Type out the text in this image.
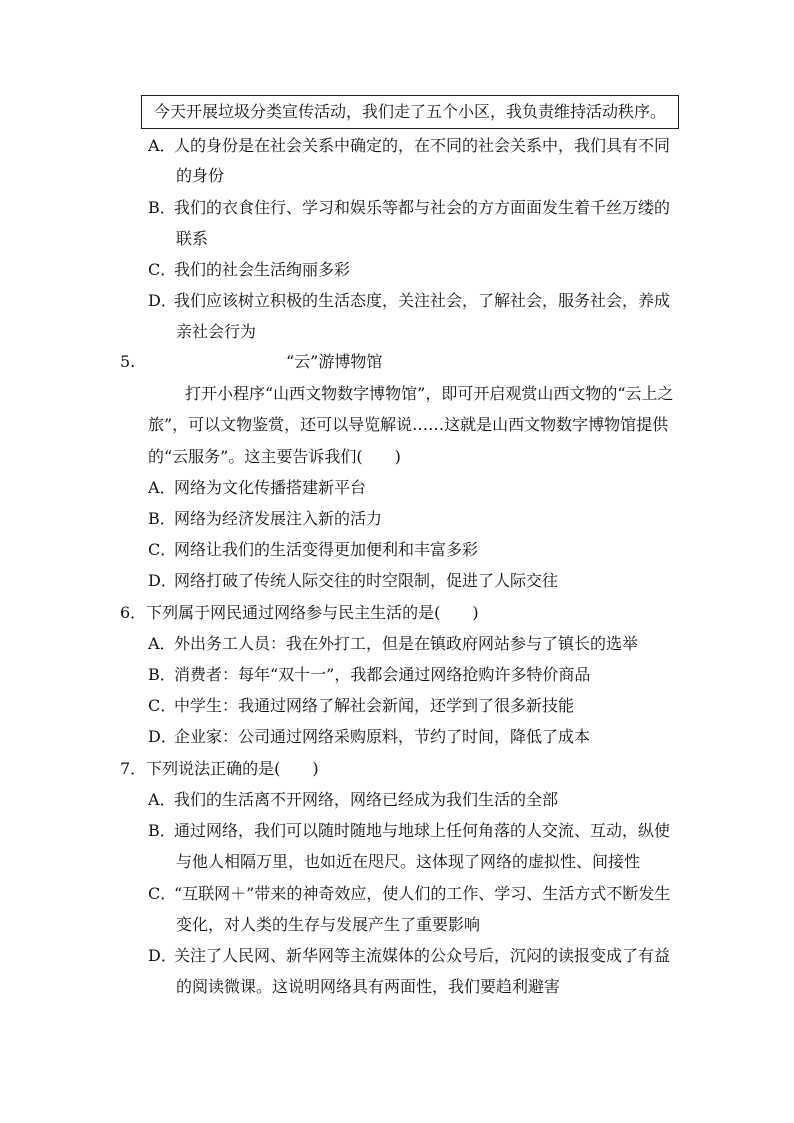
今天开展垃圾分类宣传活动，我们走了五个小区，我负责维持活动秩序。
A．人的身份是在社会关系中确定的，在不同的社会关系中，我们具有不同
的身份
B．我们的衣食住行、学习和娱乐等都与社会的方方面面发生着千丝万缕的
联系
C．我们的社会生活绚丽多彩
D．我们应该树立积极的生活态度，关注社会，了解社会，服务社会，养成
亲社会行为
5.	“云”游博物馆
打开小程序“山西文物数字博物馆”，即可开启观赏山西文物的“云上之
旅”，可以文物鉴赏，还可以导览解说……这就是山西文物数字博物馆提供
的“云服务”。这主要告诉我们(　　)
A．网络为文化传播搭建新平台
B．网络为经济发展注入新的活力
C．网络让我们的生活变得更加便利和丰富多彩
D．网络打破了传统人际交往的时空限制，促进了人际交往
6．下列属于网民通过网络参与民主生活的是(　　)
A．外出务工人员：我在外打工，但是在镇政府网站参与了镇长的选举
B．消费者：每年“双十一”，我都会通过网络抢购许多特价商品
C．中学生：我通过网络了解社会新闻，还学到了很多新技能
D．企业家：公司通过网络采购原料，节约了时间，降低了成本
7．下列说法正确的是(　　)
A．我们的生活离不开网络，网络已经成为我们生活的全部
B．通过网络，我们可以随时随地与地球上任何角落的人交流、互动，纵使
与他人相隔万里，也如近在咫尺。这体现了网络的虚拟性、间接性
C．“互联网＋”带来的神奇效应，使人们的工作、学习、生活方式不断发生
变化，对人类的生存与发展产生了重要影响
D．关注了人民网、新华网等主流媒体的公众号后，沉闷的读报变成了有益
的阅读微课。这说明网络具有两面性，我们要趋利避害
